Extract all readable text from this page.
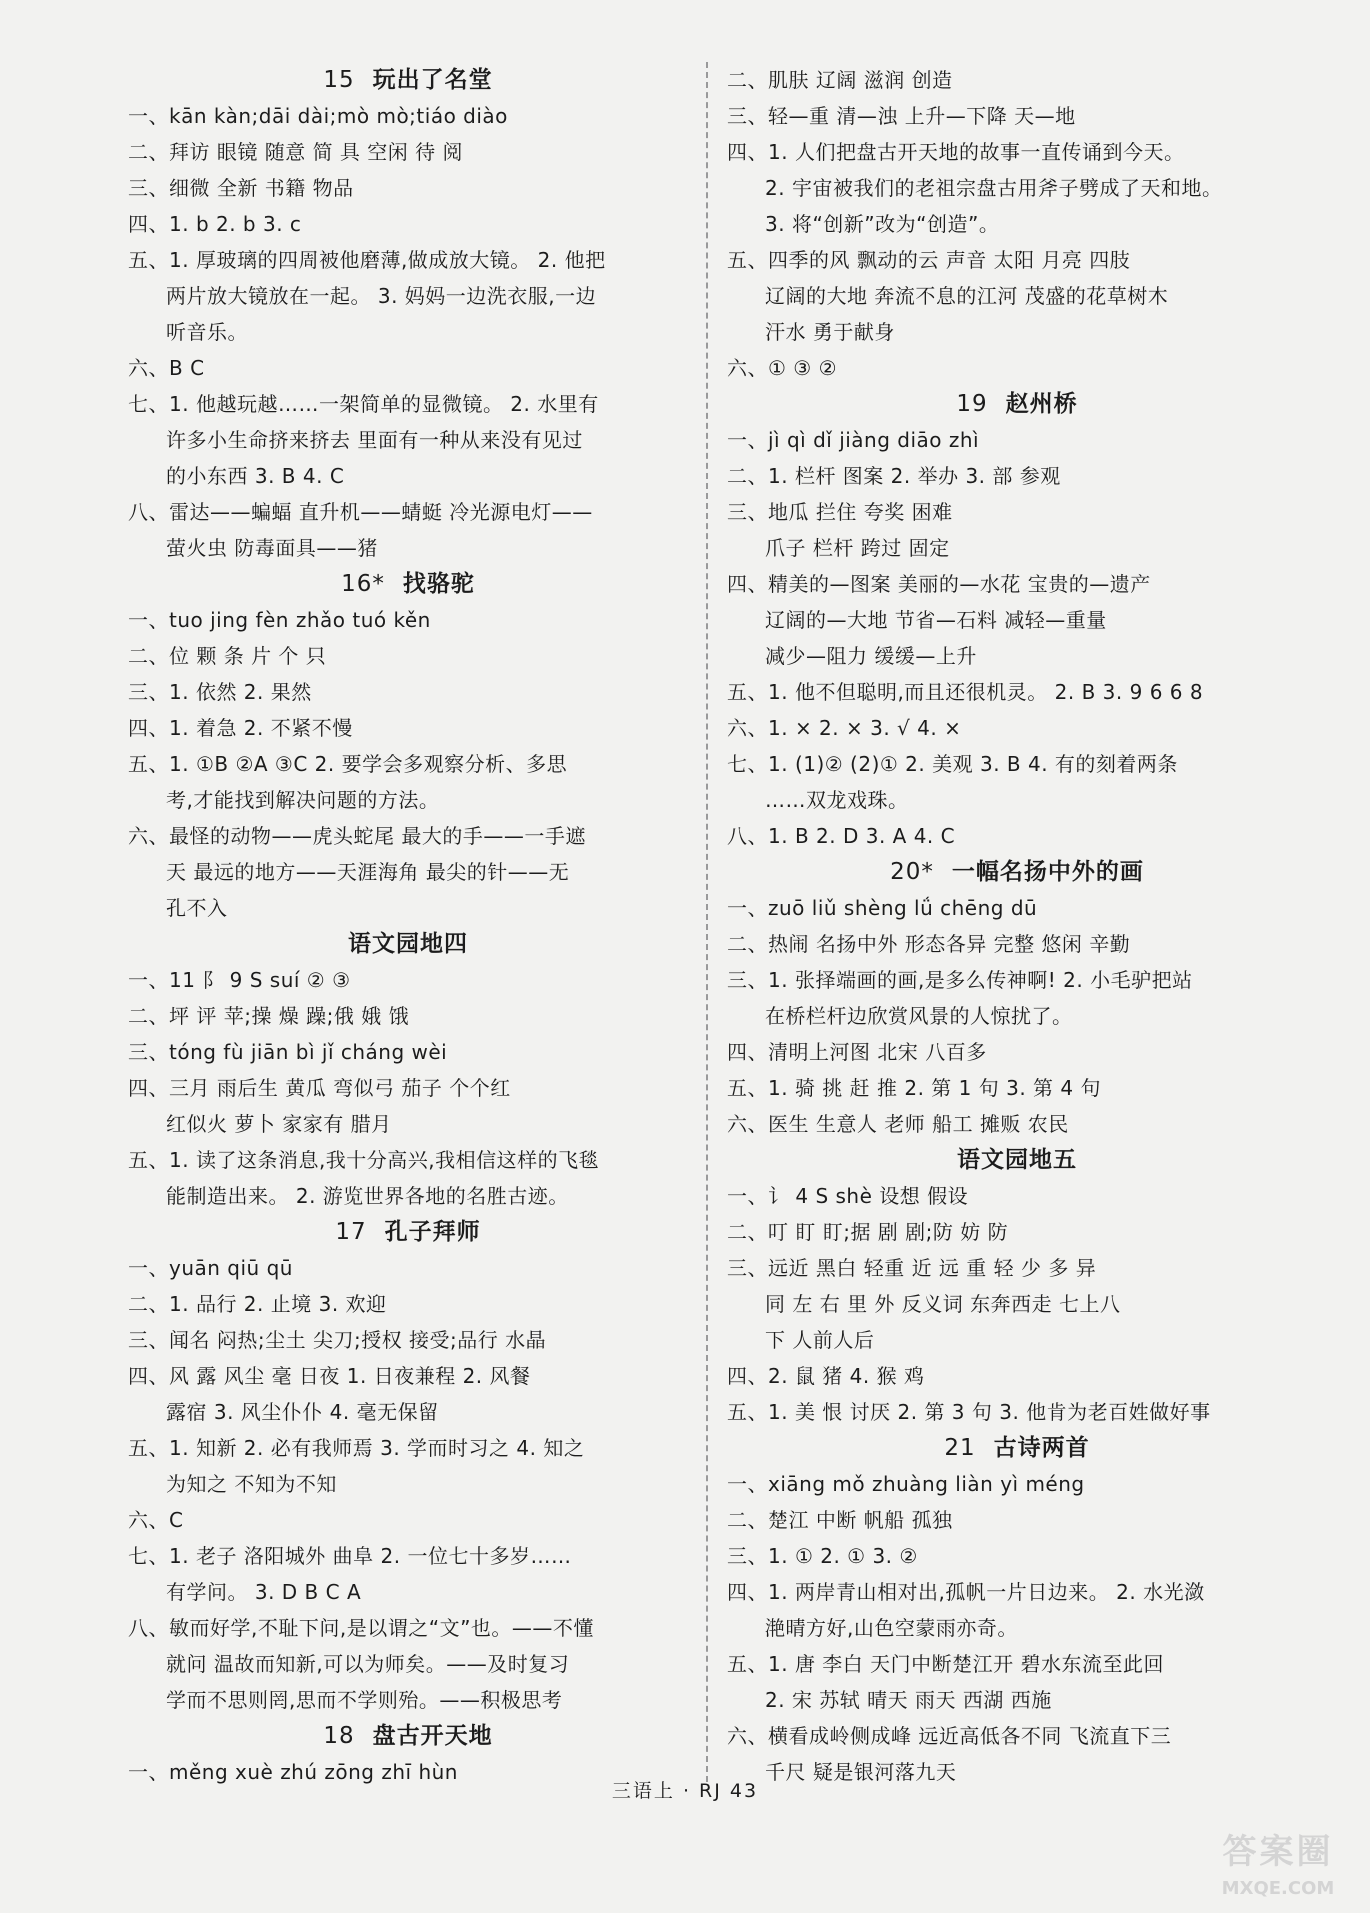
15 玩出了名堂
一、kān kàn;dāi dài;mò mò;tiáo diào
二、拜访 眼镜 随意 简 具 空闲 待 阅
三、细微 全新 书籍 物品
四、1. b 2. b 3. c
五、1. 厚玻璃的四周被他磨薄,做成放大镜。 2. 他把
两片放大镜放在一起。 3. 妈妈一边洗衣服,一边
听音乐。
六、B C
七、1. 他越玩越……一架简单的显微镜。 2. 水里有
许多小生命挤来挤去 里面有一种从来没有见过
的小东西 3. B 4. C
八、雷达——蝙蝠 直升机——蜻蜓 冷光源电灯——
萤火虫 防毒面具——猪
16* 找骆驼
一、tuo jing fèn zhǎo tuó kěn
二、位 颗 条 片 个 只
三、1. 依然 2. 果然
四、1. 着急 2. 不紧不慢
五、1. ①B ②A ③C 2. 要学会多观察分析、多思
考,才能找到解决问题的方法。
六、最怪的动物——虎头蛇尾 最大的手——一手遮
天 最远的地方——天涯海角 最尖的针——无
孔不入
语文园地四
一、11 阝 9 S suí ② ③
二、坪 评 苹;操 燥 躁;俄 娥 饿
三、tóng fù jiān bì jǐ cháng wèi
四、三月 雨后生 黄瓜 弯似弓 茄子 个个红
红似火 萝卜 家家有 腊月
五、1. 读了这条消息,我十分高兴,我相信这样的飞毯
能制造出来。 2. 游览世界各地的名胜古迹。
17 孔子拜师
一、yuān qiū qū
二、1. 品行 2. 止境 3. 欢迎
三、闻名 闷热;尘土 尖刀;授权 接受;品行 水晶
四、风 露 风尘 毫 日夜 1. 日夜兼程 2. 风餐
露宿 3. 风尘仆仆 4. 毫无保留
五、1. 知新 2. 必有我师焉 3. 学而时习之 4. 知之
为知之 不知为不知
六、C
七、1. 老子 洛阳城外 曲阜 2. 一位七十多岁……
有学问。 3. D B C A
八、敏而好学,不耻下问,是以谓之“文”也。——不懂
就问 温故而知新,可以为师矣。——及时复习
学而不思则罔,思而不学则殆。——积极思考
18 盘古开天地
一、měng xuè zhú zōng zhī hùn
二、肌肤 辽阔 滋润 创造
三、轻—重 清—浊 上升—下降 天—地
四、1. 人们把盘古开天地的故事一直传诵到今天。
2. 宇宙被我们的老祖宗盘古用斧子劈成了天和地。
3. 将“创新”改为“创造”。
五、四季的风 飘动的云 声音 太阳 月亮 四肢
辽阔的大地 奔流不息的江河 茂盛的花草树木
汗水 勇于献身
六、① ③ ②
19 赵州桥
一、jì qì dǐ jiàng diāo zhì
二、1. 栏杆 图案 2. 举办 3. 部 参观
三、地瓜 拦住 夸奖 困难
爪子 栏杆 跨过 固定
四、精美的—图案 美丽的—水花 宝贵的—遗产
辽阔的—大地 节省—石料 减轻—重量
减少—阻力 缓缓—上升
五、1. 他不但聪明,而且还很机灵。 2. B 3. 9 6 6 8
六、1. × 2. × 3. √ 4. ×
七、1. (1)② (2)① 2. 美观 3. B 4. 有的刻着两条
……双龙戏珠。
八、1. B 2. D 3. A 4. C
20* 一幅名扬中外的画
一、zuō liǔ shèng lǘ chēng dū
二、热闹 名扬中外 形态各异 完整 悠闲 辛勤
三、1. 张择端画的画,是多么传神啊! 2. 小毛驴把站
在桥栏杆边欣赏风景的人惊扰了。
四、清明上河图 北宋 八百多
五、1. 骑 挑 赶 推 2. 第 1 句 3. 第 4 句
六、医生 生意人 老师 船工 摊贩 农民
语文园地五
一、讠 4 S shè 设想 假设
二、叮 盯 盯;据 剧 剧;防 妨 防
三、远近 黑白 轻重 近 远 重 轻 少 多 异
同 左 右 里 外 反义词 东奔西走 七上八
下 人前人后
四、2. 鼠 猪 4. 猴 鸡
五、1. 美 恨 讨厌 2. 第 3 句 3. 他肯为老百姓做好事
21 古诗两首
一、xiāng mǒ zhuàng liàn yì méng
二、楚江 中断 帆船 孤独
三、1. ① 2. ① 3. ②
四、1. 两岸青山相对出,孤帆一片日边来。 2. 水光潋
滟晴方好,山色空蒙雨亦奇。
五、1. 唐 李白 天门中断楚江开 碧水东流至此回
2. 宋 苏轼 晴天 雨天 西湖 西施
六、横看成岭侧成峰 远近高低各不同 飞流直下三
千尺 疑是银河落九天
三语上 · RJ 43
答案圈
MXQE.COM
